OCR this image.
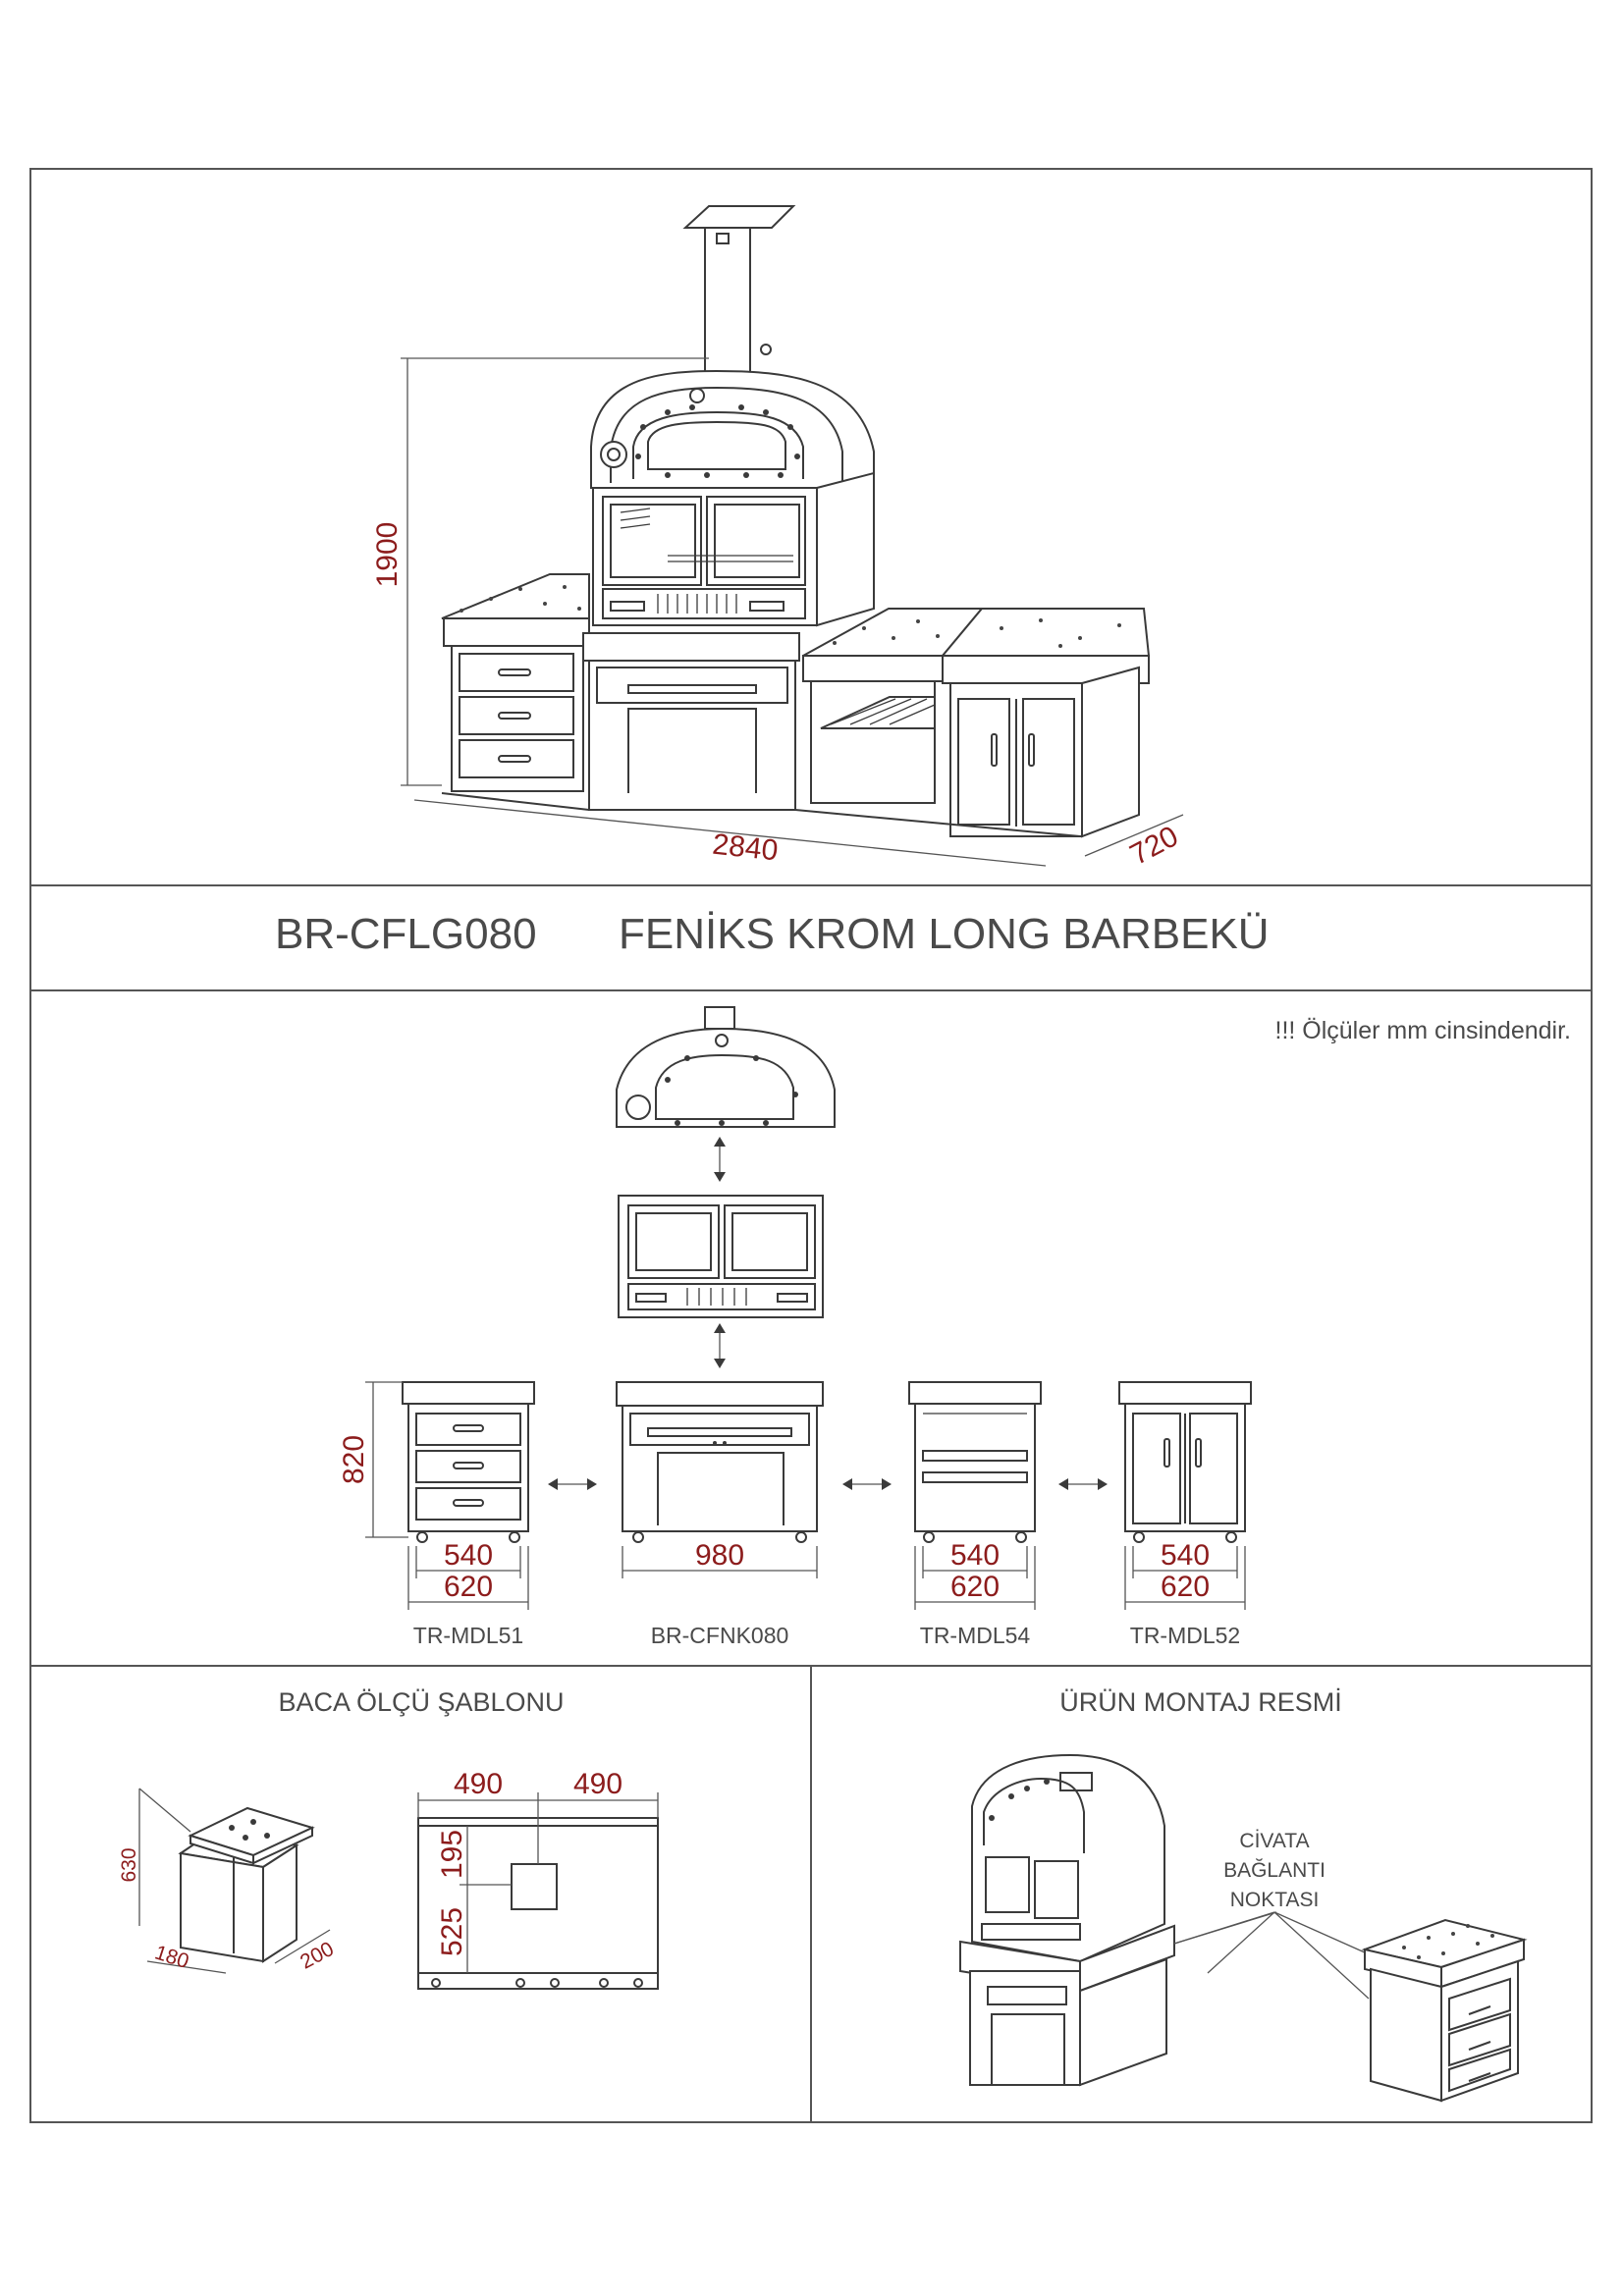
1900
2840	720
BR-CFLG080 FENİKS KROM LONG BARBEKÜ
!!! Ölçüler mm cinsindendir.
820
540
620
TR-MDL51
980
BR-CFNK080
540
620
TR-MDL54
540
620
TR-MDL52
BACA ÖLÇÜ ŞABLONU
630
180	200
490 490
195
525
ÜRÜN MONTAJ RESMİ
CİVATA
BAĞLANTI
NOKTASI
